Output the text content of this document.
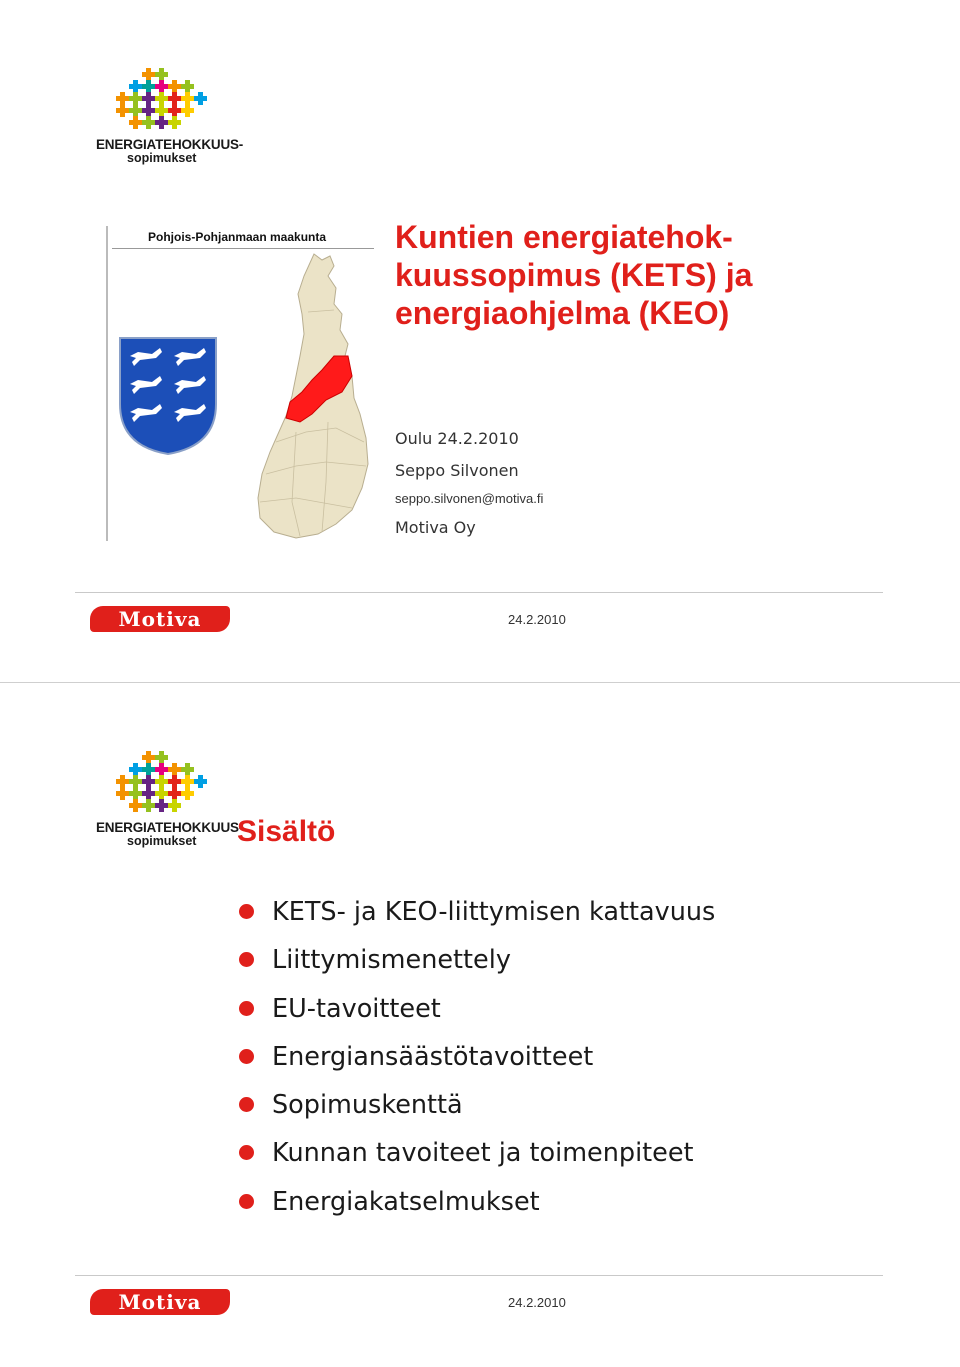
ENERGIATEHOKKUUS-
sopimukset
Pohjois-Pohjanmaan maakunta Kuntien energiatehok-
kuussopimus (KETS) ja
energiaohjelma (KEO)
Oulu 24.2.2010
Seppo Silvonen
seppo.silvonen@motiva.fi
Motiva Oy
Motiva	24.2.2010
ENERGIATEHOKKUUS-
sopimukset Sisältö
KETS- ja KEO-liittymisen kattavuus
Liittymismenettely
EU-tavoitteet
Energiansäästötavoitteet
Sopimuskenttä
Kunnan tavoiteet ja toimenpiteet
Energiakatselmukset
Motiva	24.2.2010
